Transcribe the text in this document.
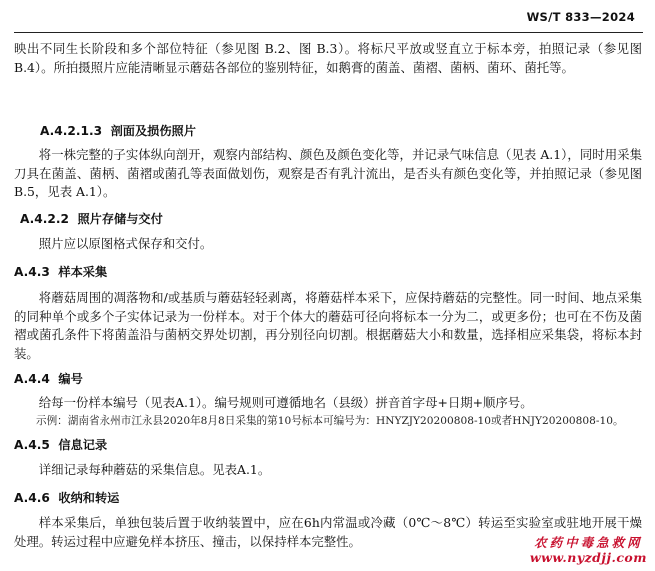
WS/T 833—2024

映出不同生长阶段和多个部位特征（参见图 B.2、图 B.3）。将标尺平放或竖直立于标本旁，拍照记录（参见图 B.4）。所拍摄照片应能清晰显示蘑菇各部位的鉴别特征，如鹅膏的菌盖、菌褶、菌柄、菌环、菌托等。

A.4.2.1.3 剖面及损伤照片

将一株完整的子实体纵向剖开，观察内部结构、颜色及颜色变化等，并记录气味信息（见表 A.1），同时用采集刀具在菌盖、菌柄、菌褶或菌孔等表面做划伤，观察是否有乳汁流出，是否头有颜色变化等，并拍照记录（参见图 B.5，见表 A.1）。

A.4.2.2 照片存储与交付

照片应以原图格式保存和交付。

A.4.3 样本采集

将蘑菇周围的凋落物和/或基质与蘑菇轻轻剥离，将蘑菇样本采下，应保持蘑菇的完整性。同一时间、地点采集的同种单个或多个子实体记录为一份样本。对于个体大的蘑菇可径向将标本一分为二，或更多份；也可在不伤及菌褶或菌孔条件下将菌盖沿与菌柄交界处切割，再分别径向切割。根据蘑菇大小和数量，选择相应采集袋，将标本封装。

A.4.4 编号

给每一份样本编号（见表A.1）。编号规则可遵循地名（县级）拼音首字母+日期+顺序号。

示例：湖南省永州市江永县2020年8月8日采集的第10号标本可编号为：HNYZJY20200808-10或者HNJY20200808-10。

A.4.5 信息记录

详细记录每种蘑菇的采集信息。见表A.1。

A.4.6 收纳和转运

样本采集后，单独包装后置于收纳装置中，应在6h内常温或冷藏（0℃～8℃）转运至实验室或驻地开展干燥处理。转运过程中应避免样本挤压、撞击，以保持样本完整性。	农药中毒急救网
www.nyzdjj.com
